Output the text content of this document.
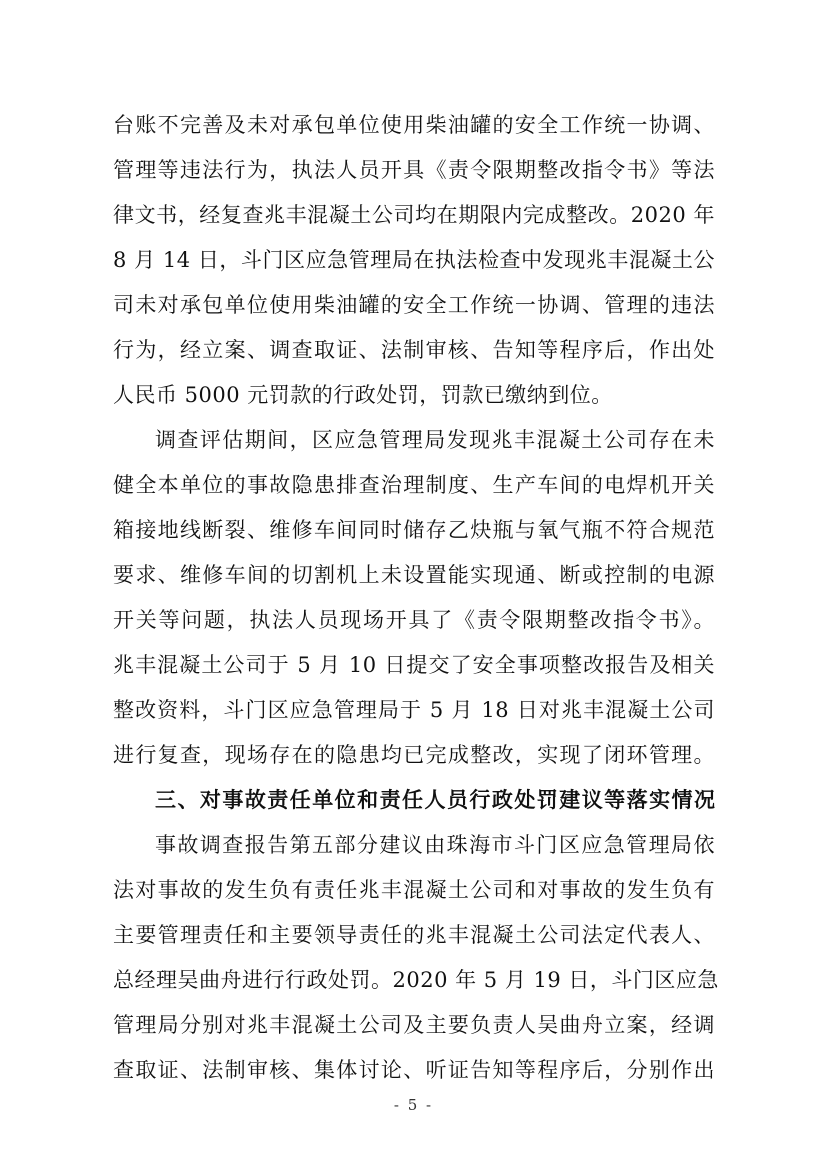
台账不完善及未对承包单位使用柴油罐的安全工作统一协调、
管理等违法行为，执法人员开具《责令限期整改指令书》等法
律文书，经复查兆丰混凝土公司均在期限内完成整改。2020 年
8 月 14 日，斗门区应急管理局在执法检查中发现兆丰混凝土公
司未对承包单位使用柴油罐的安全工作统一协调、管理的违法
行为，经立案、调查取证、法制审核、告知等程序后，作出处
人民币 5000 元罚款的行政处罚，罚款已缴纳到位。
调查评估期间，区应急管理局发现兆丰混凝土公司存在未
健全本单位的事故隐患排查治理制度、生产车间的电焊机开关
箱接地线断裂、维修车间同时储存乙炔瓶与氧气瓶不符合规范
要求、维修车间的切割机上未设置能实现通、断或控制的电源
开关等问题，执法人员现场开具了《责令限期整改指令书》。
兆丰混凝土公司于 5 月 10 日提交了安全事项整改报告及相关
整改资料，斗门区应急管理局于 5 月 18 日对兆丰混凝土公司
进行复查，现场存在的隐患均已完成整改，实现了闭环管理。
三、对事故责任单位和责任人员行政处罚建议等落实情况
事故调查报告第五部分建议由珠海市斗门区应急管理局依
法对事故的发生负有责任兆丰混凝土公司和对事故的发生负有
主要管理责任和主要领导责任的兆丰混凝土公司法定代表人、
总经理吴曲舟进行行政处罚。2020 年 5 月 19 日，斗门区应急
管理局分别对兆丰混凝土公司及主要负责人吴曲舟立案，经调
查取证、法制审核、集体讨论、听证告知等程序后，分别作出
- 5 -
